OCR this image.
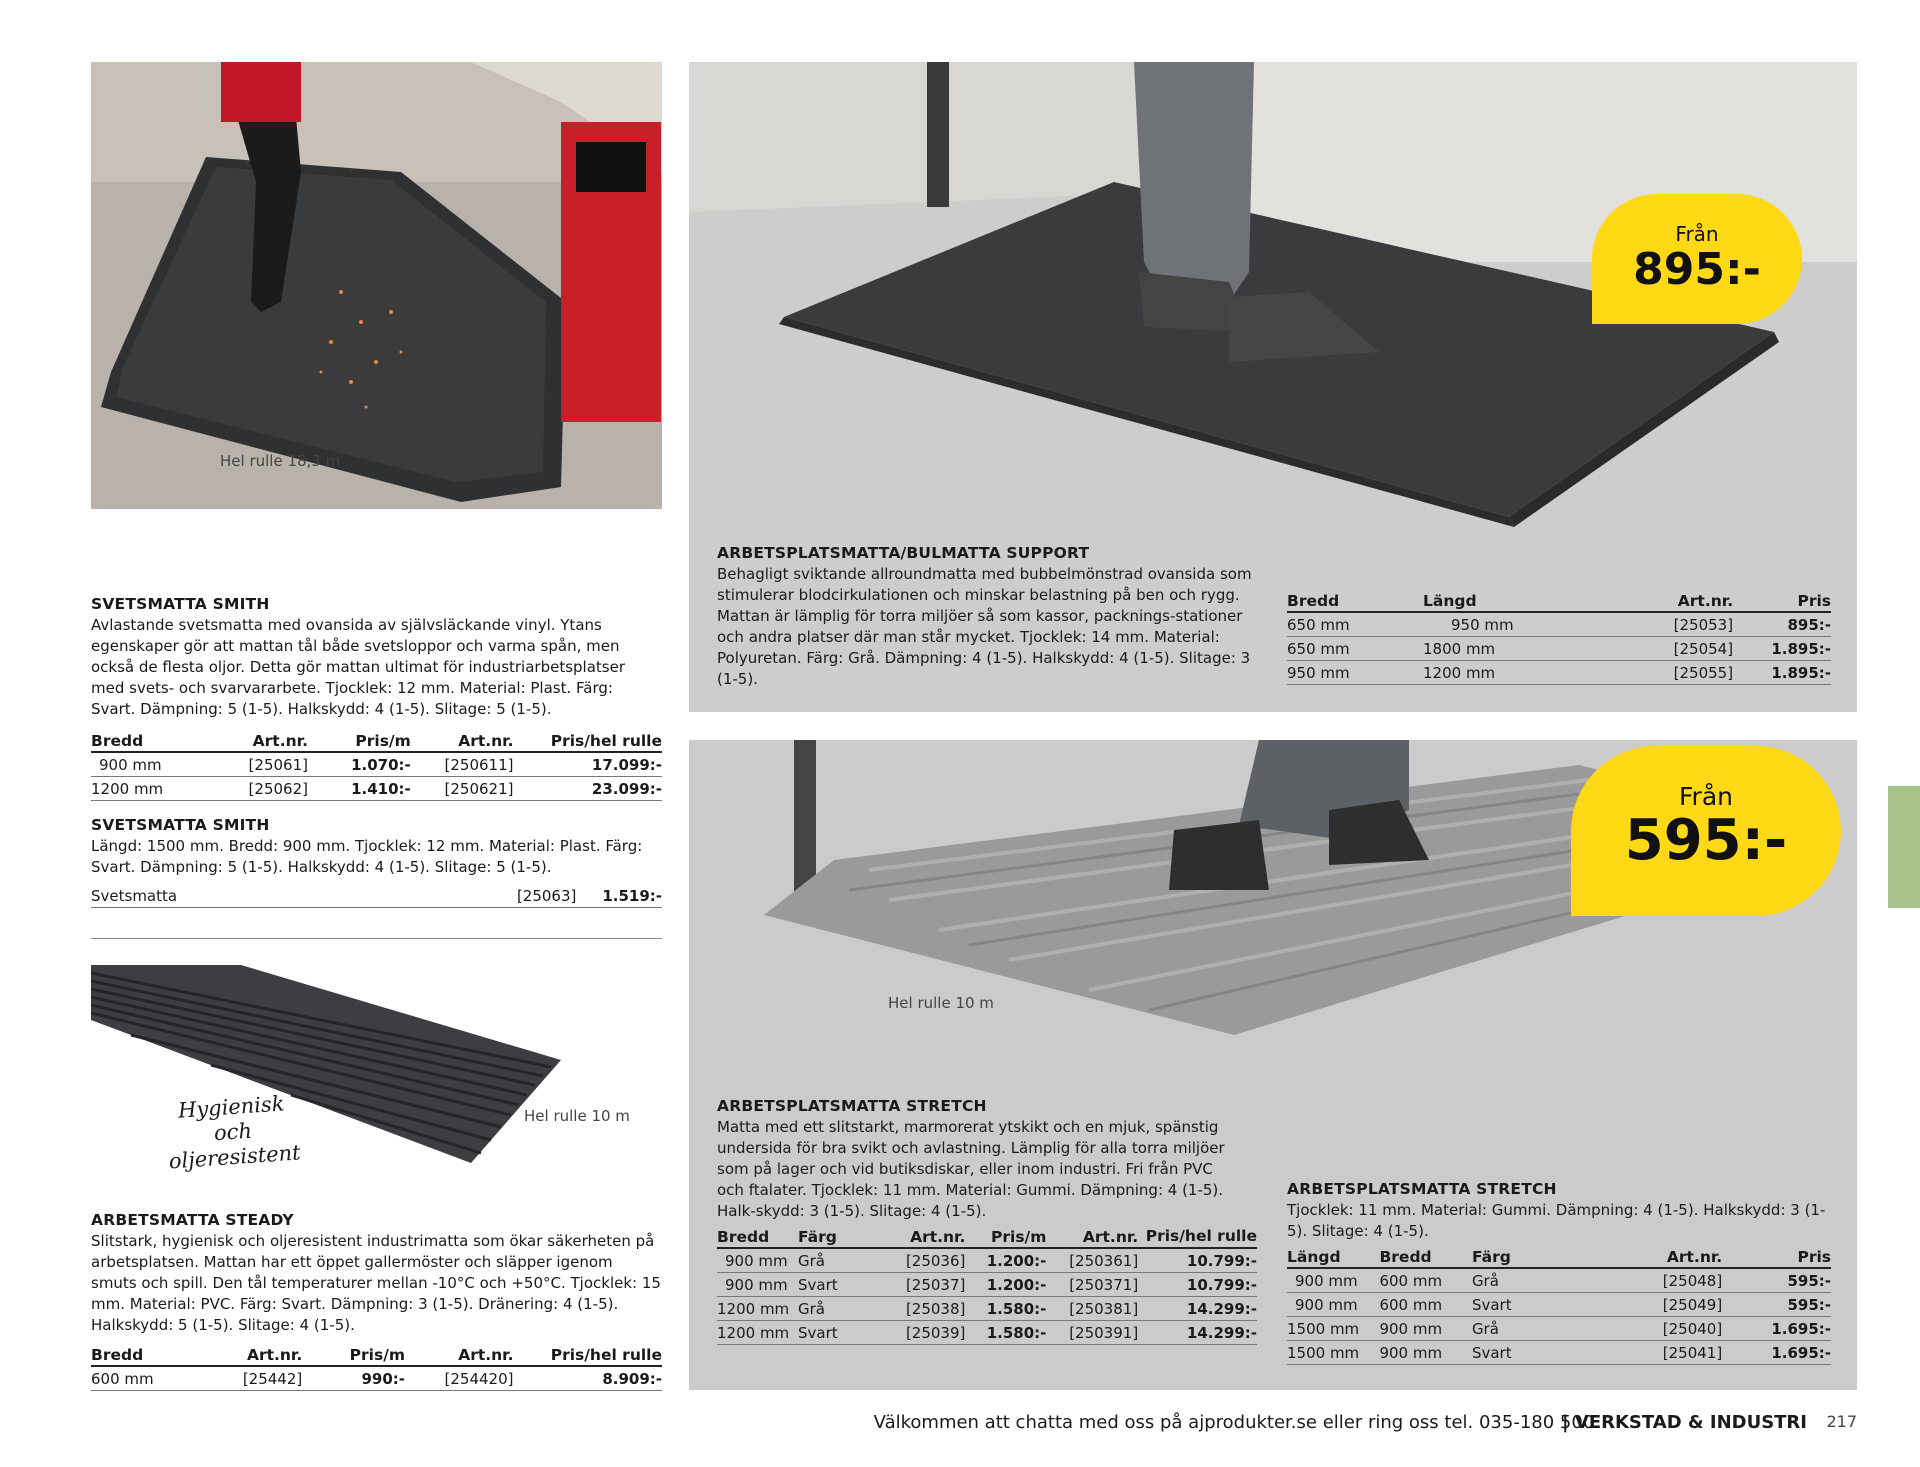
Hel rulle 18,3 m
Från
895:-
Hel rulle 10 m
Från
595:-
Hygienisk och oljeresistent
Hel rulle 10 m
SVETSMATTA SMITH
Avlastande svetsmatta med ovansida av självsläckande vinyl. Ytans egenskaper gör att mattan tål både svetsloppor och varma spån, men också de flesta oljor. Detta gör mattan ultimat för industriarbetsplatser med svets- och svarvararbete. Tjocklek: 12 mm. Material: Plast. Färg: Svart. Dämpning: 5 (1-5). Halkskydd: 4 (1-5). Slitage: 5 (1-5).
Bredd	Art.nr.	Pris/m	Art.nr.	Pris/hel rulle
900 mm	[25061]	1.070:-	[250611]	17.099:-
1200 mm	[25062]	1.410:-	[250621]	23.099:-
SVETSMATTA SMITH
Längd: 1500 mm. Bredd: 900 mm. Tjocklek: 12 mm. Material: Plast. Färg: Svart. Dämpning: 5 (1-5). Halkskydd: 4 (1-5). Slitage: 5 (1-5).
Svetsmatta	[25063]	1.519:-
ARBETSMATTA STEADY
Slitstark, hygienisk och oljeresistent industrimatta som ökar säkerheten på arbetsplatsen. Mattan har ett öppet gallermöster och släpper igenom smuts och spill. Den tål temperaturer mellan -10°C och +50°C. Tjocklek: 15 mm. Material: PVC. Färg: Svart. Dämpning: 3 (1-5). Dränering: 4 (1-5). Halkskydd: 5 (1-5). Slitage: 4 (1-5).
Bredd	Art.nr.	Pris/m	Art.nr.	Pris/hel rulle
600 mm	[25442]	990:-	[254420]	8.909:-
ARBETSPLATSMATTA/BULMATTA SUPPORT
Behagligt sviktande allroundmatta med bubbelmönstrad ovansida som stimulerar blodcirkulationen och minskar belastning på ben och rygg. Mattan är lämplig för torra miljöer så som kassor, packnings-stationer och andra platser där man står mycket. Tjocklek: 14 mm. Material: Polyuretan. Färg: Grå. Dämpning: 4 (1-5). Halkskydd: 4 (1-5). Slitage: 3 (1-5).
Bredd	Längd	Art.nr.	Pris
650 mm	950 mm	[25053]	895:-
650 mm	1800 mm	[25054]	1.895:-
950 mm	1200 mm	[25055]	1.895:-
ARBETSPLATSMATTA STRETCH
Matta med ett slitstarkt, marmorerat ytskikt och en mjuk, spänstig undersida för bra svikt och avlastning. Lämplig för alla torra miljöer som på lager och vid butiksdiskar, eller inom industri. Fri från PVC och ftalater. Tjocklek: 11 mm. Material: Gummi. Dämpning: 4 (1-5). Halk-skydd: 3 (1-5). Slitage: 4 (1-5).
Bredd	Färg	Art.nr.	Pris/m	Art.nr.	Pris/hel rulle
900 mm	Grå	[25036]	1.200:-	[250361]	10.799:-
900 mm	Svart	[25037]	1.200:-	[250371]	10.799:-
1200 mm	Grå	[25038]	1.580:-	[250381]	14.299:-
1200 mm	Svart	[25039]	1.580:-	[250391]	14.299:-
ARBETSPLATSMATTA STRETCH
Tjocklek: 11 mm. Material: Gummi. Dämpning: 4 (1-5). Halkskydd: 3 (1-5). Slitage: 4 (1-5).
Längd	Bredd	Färg	Art.nr.	Pris
900 mm	600 mm	Grå	[25048]	595:-
900 mm	600 mm	Svart	[25049]	595:-
1500 mm	900 mm	Grå	[25040]	1.695:-
1500 mm	900 mm	Svart	[25041]	1.695:-
Välkommen att chatta med oss på ajprodukter.se eller ring oss tel. 035-180 500.
| VERKSTAD & INDUSTRI 217
